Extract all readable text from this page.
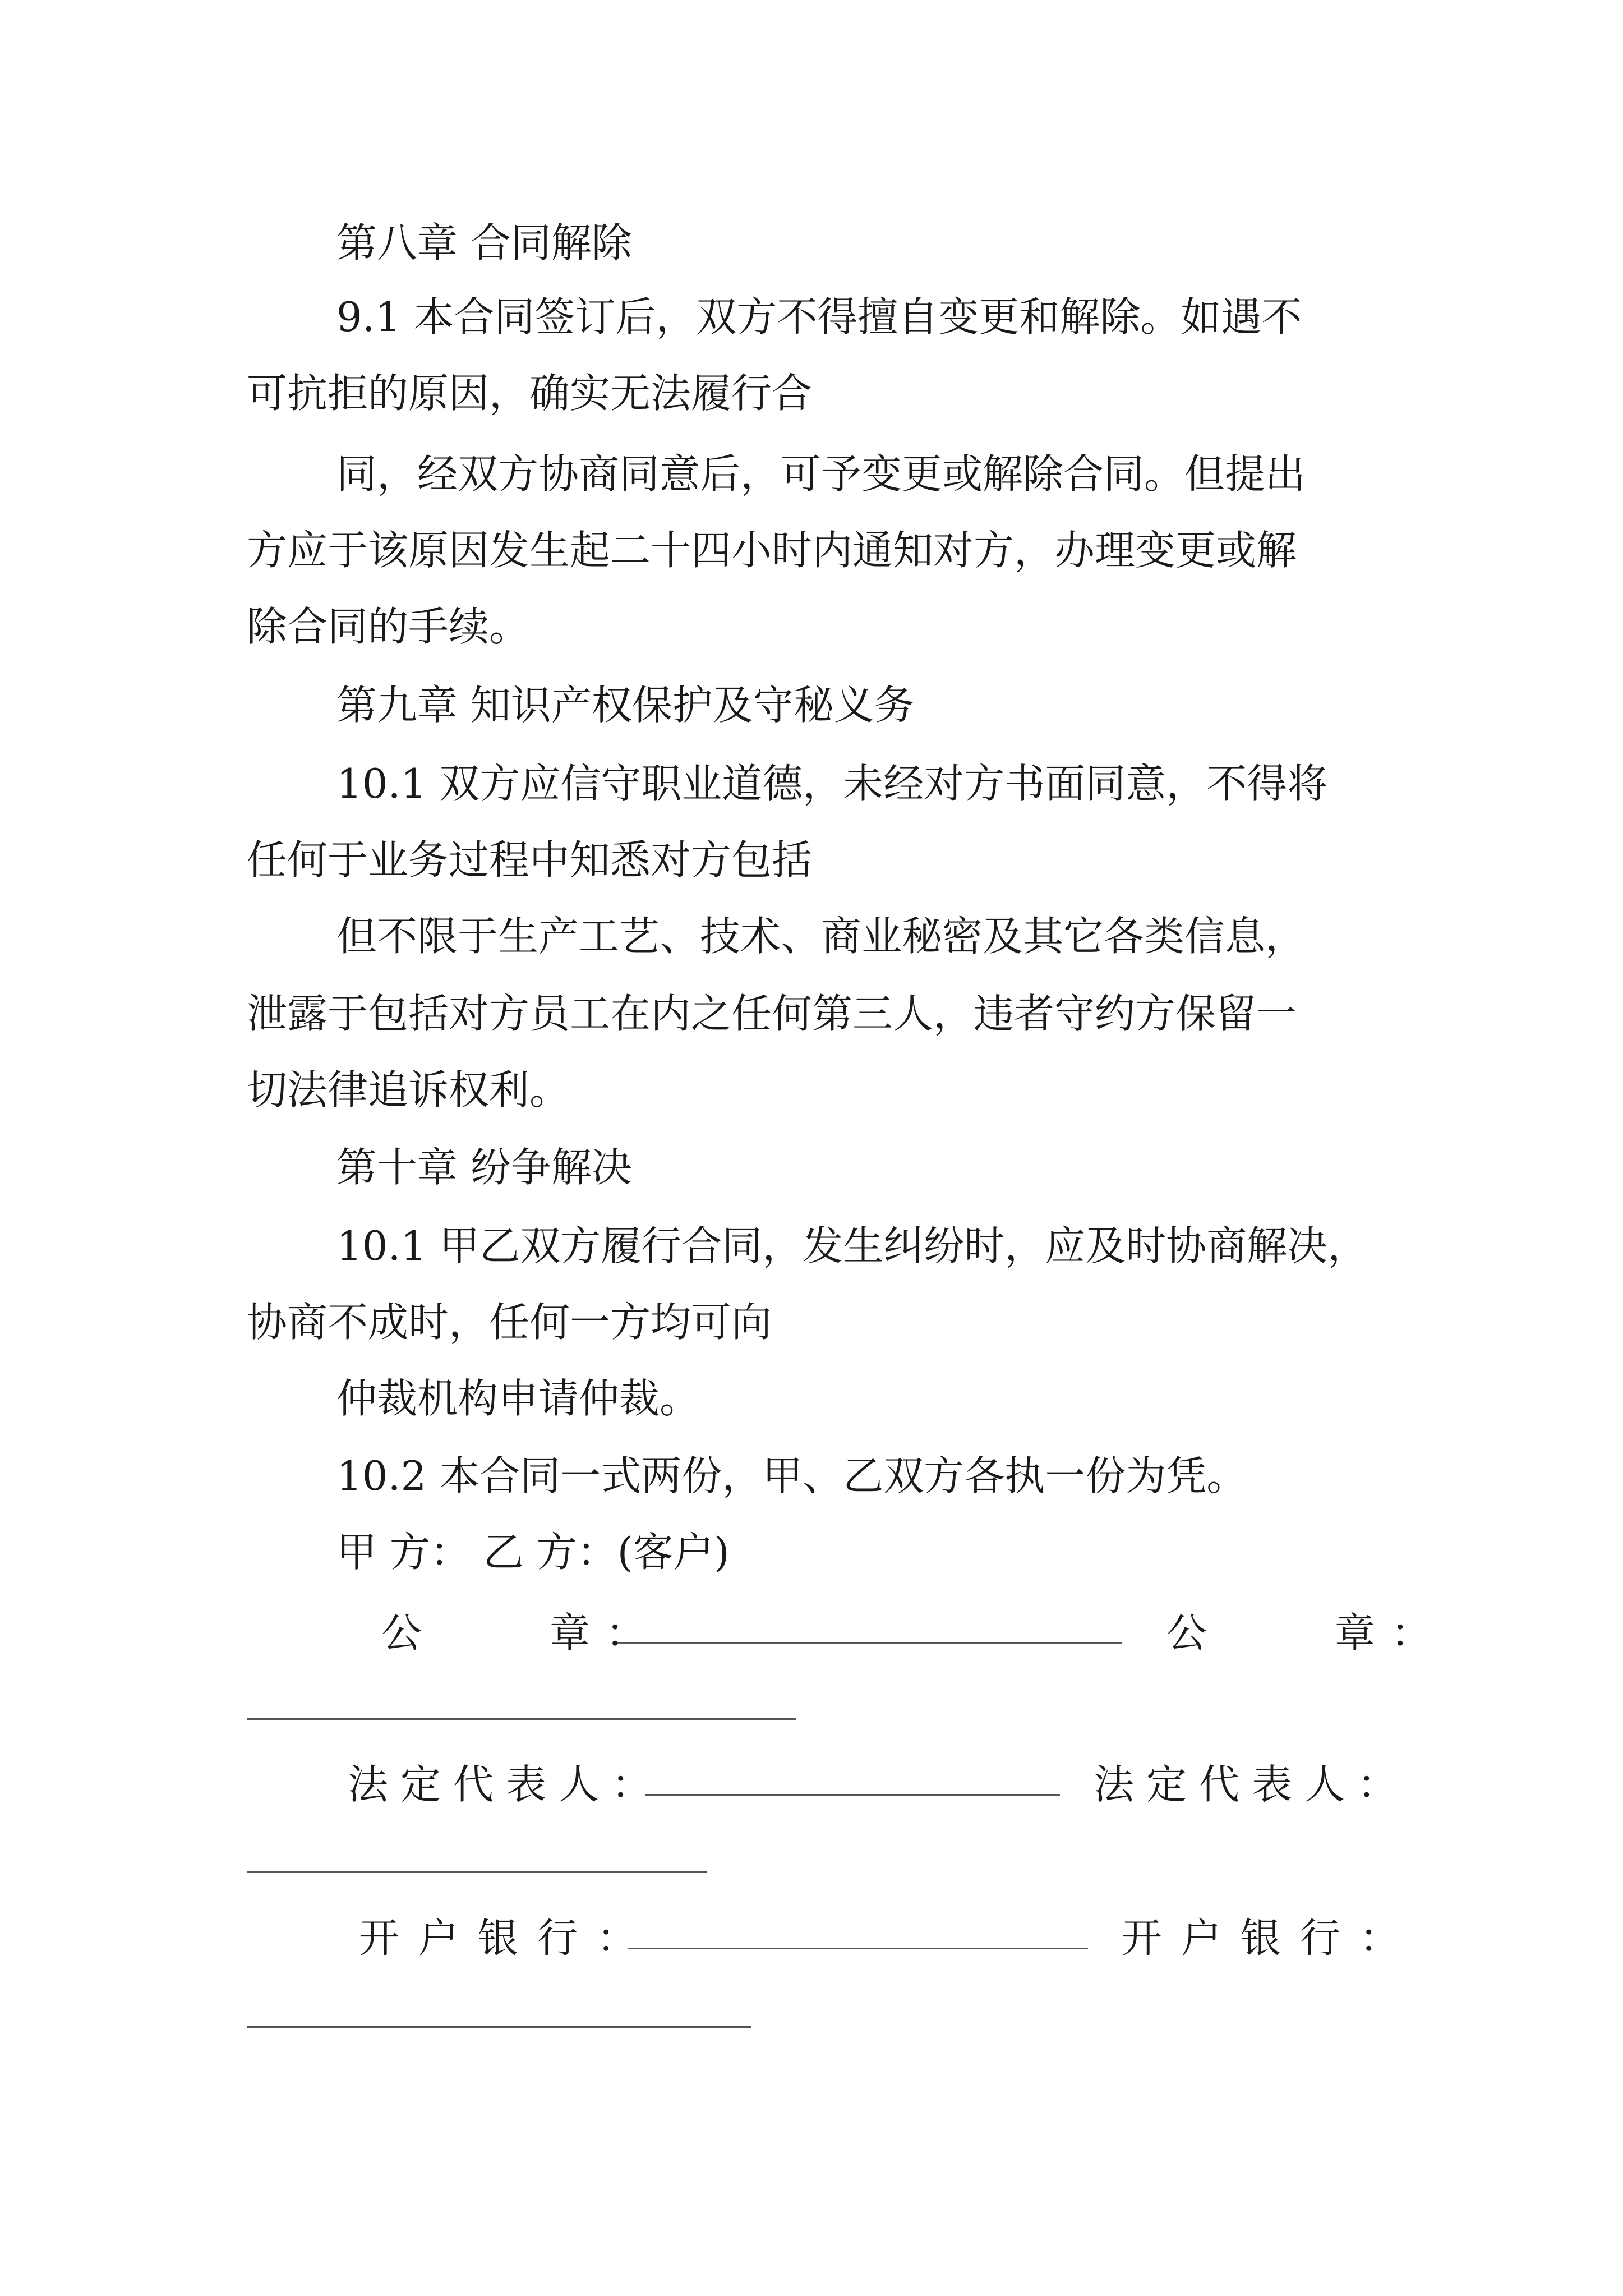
第八章 合同解除
9.1 本合同签订后，双方不得擅自变更和解除。如遇不
可抗拒的原因，确实无法履行合
同，经双方协商同意后，可予变更或解除合同。但提出
方应于该原因发生起二十四小时内通知对方，办理变更或解
除合同的手续。
第九章 知识产权保护及守秘义务
10.1 双方应信守职业道德，未经对方书面同意，不得将
任何于业务过程中知悉对方包括
但不限于生产工艺、技术、商业秘密及其它各类信息，
泄露于包括对方员工在内之任何第三人，违者守约方保留一
切法律追诉权利。
第十章 纷争解决
10.1 甲乙双方履行合同，发生纠纷时，应及时协商解决，
协商不成时，任何一方均可向
仲裁机构申请仲裁。
10.2 本合同一式两份，甲、乙双方各执一份为凭。
甲 方： 乙 方：(客户)
公　　章：	公　　章：
法定代表人：	法定代表人：
开户银行：	开户银行：
